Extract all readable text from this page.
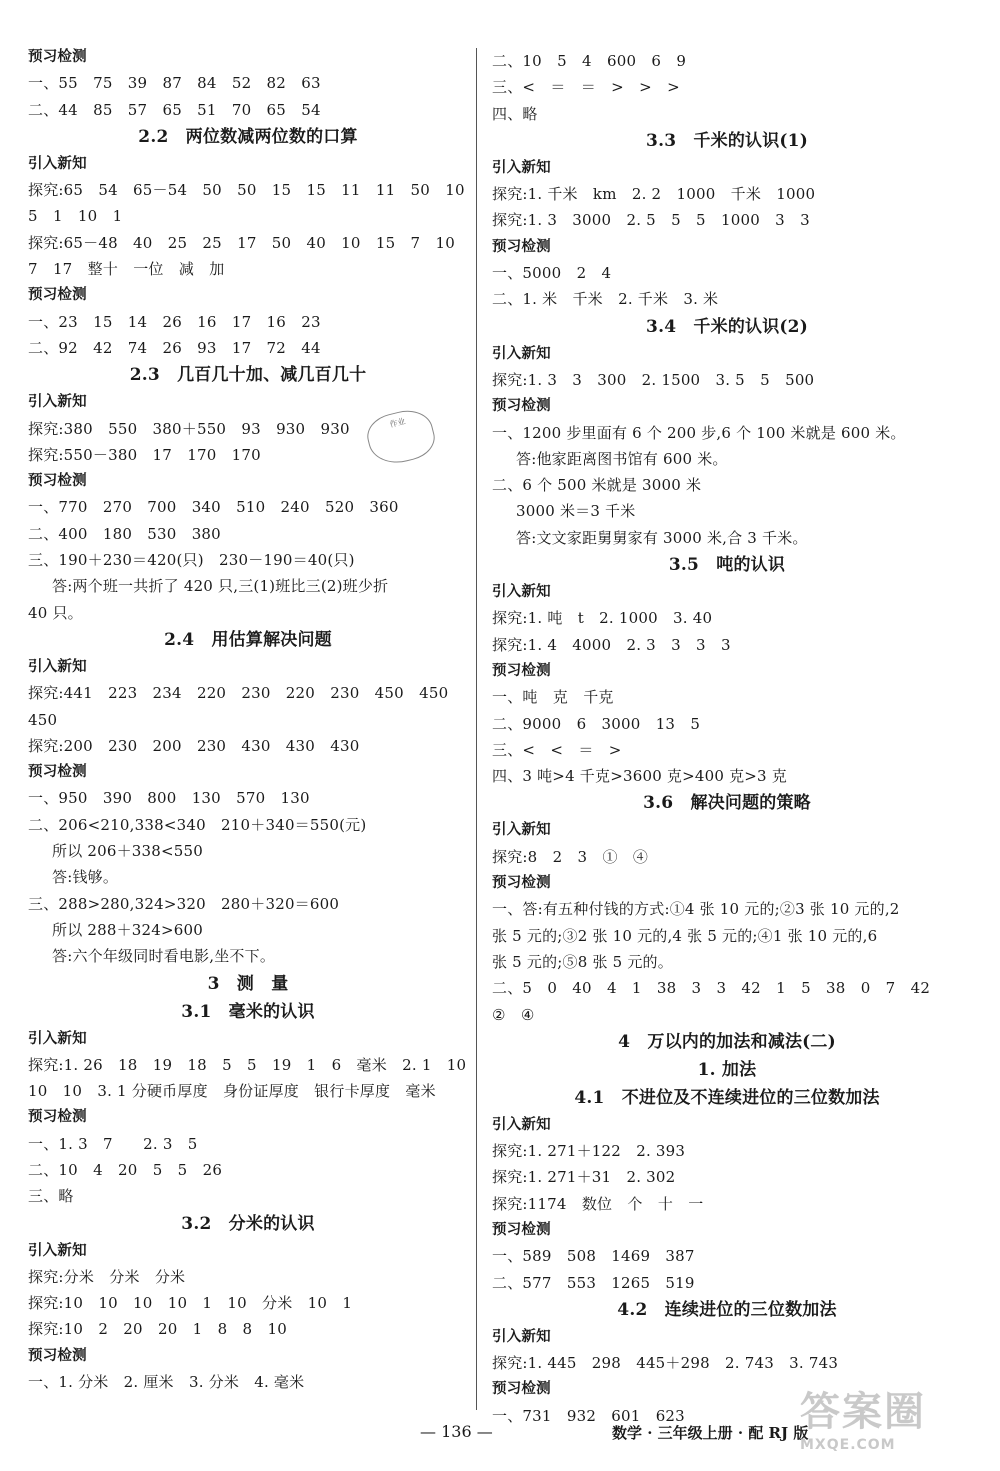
预习检测
一、55　75　39　87　84　52　82　63
二、44　85　57　65　51　70　65　54
2.2　两位数减两位数的口算
引入新知
探究:65　54　65－54　50　50　15　15　11　11　50　10
5　1　10　1
探究:65－48　40　25　25　17　50　40　10　15　7　10
7　17　整十　一位　减　加
预习检测
一、23　15　14　26　16　17　16　23
二、92　42　74　26　93　17　72　44
2.3　几百几十加、减几百几十
引入新知
探究:380　550　380＋550　93　930　930
探究:550－380　17　170　170
预习检测
一、770　270　700　340　510　240　520　360
二、400　180　530　380
三、190＋230＝420(只)　230－190＝40(只)
答:两个班一共折了 420 只,三(1)班比三(2)班少折
40 只。
2.4　用估算解决问题
引入新知
探究:441　223　234　220　230　220　230　450　450
450
探究:200　230　200　230　430　430　430
预习检测
一、950　390　800　130　570　130
二、206<210,338<340　210＋340＝550(元)
所以 206＋338<550
答:钱够。
三、288>280,324>320　280＋320＝600
所以 288＋324>600
答:六个年级同时看电影,坐不下。
3　测　量
3.1　毫米的认识
引入新知
探究:1. 26　18　19　18　5　5　19　1　6　毫米　2. 1　10
10　10　3. 1 分硬币厚度　身份证厚度　银行卡厚度　毫米
预习检测
一、1. 3　7　　2. 3　5
二、10　4　20　5　5　26
三、略
3.2　分米的认识
引入新知
探究:分米　分米　分米
探究:10　10　10　10　1　10　分米　10　1
探究:10　2　20　20　1　8　8　10
预习检测
一、1. 分米　2. 厘米　3. 分米　4. 毫米
二、10　5　4　600　6　9
三、<　＝　＝　>　>　>
四、略
3.3　千米的认识(1)
引入新知
探究:1. 千米　km　2. 2　1000　千米　1000
探究:1. 3　3000　2. 5　5　5　1000　3　3
预习检测
一、5000　2　4
二、1. 米　千米　2. 千米　3. 米
3.4　千米的认识(2)
引入新知
探究:1. 3　3　300　2. 1500　3. 5　5　500
预习检测
一、1200 步里面有 6 个 200 步,6 个 100 米就是 600 米。
答:他家距离图书馆有 600 米。
二、6 个 500 米就是 3000 米
3000 米＝3 千米
答:文文家距舅舅家有 3000 米,合 3 千米。
3.5　吨的认识
引入新知
探究:1. 吨　t　2. 1000　3. 40
探究:1. 4　4000　2. 3　3　3　3
预习检测
一、吨　克　千克
二、9000　6　3000　13　5
三、<　<　＝　>
四、3 吨>4 千克>3600 克>400 克>3 克
3.6　解决问题的策略
引入新知
探究:8　2　3　①　④
预习检测
一、答:有五种付钱的方式:①4 张 10 元的;②3 张 10 元的,2
张 5 元的;③2 张 10 元的,4 张 5 元的;④1 张 10 元的,6
张 5 元的;⑤8 张 5 元的。
二、5　0　40　4　1　38　3　3　42　1　5　38　0　7　42
②　④
4　万以内的加法和减法(二)
1. 加法
4.1　不进位及不连续进位的三位数加法
引入新知
探究:1. 271＋122　2. 393
探究:1. 271＋31　2. 302
探究:1174　数位　个　十　一
预习检测
一、589　508　1469　387
二、577　553　1265　519
4.2　连续进位的三位数加法
引入新知
探究:1. 445　298　445＋298　2. 743　3. 743
预习检测
一、731　932　601　623
作业
— 136 —	数学 · 三年级上册 · 配 RJ 版
答案圈
MXQE.COM
